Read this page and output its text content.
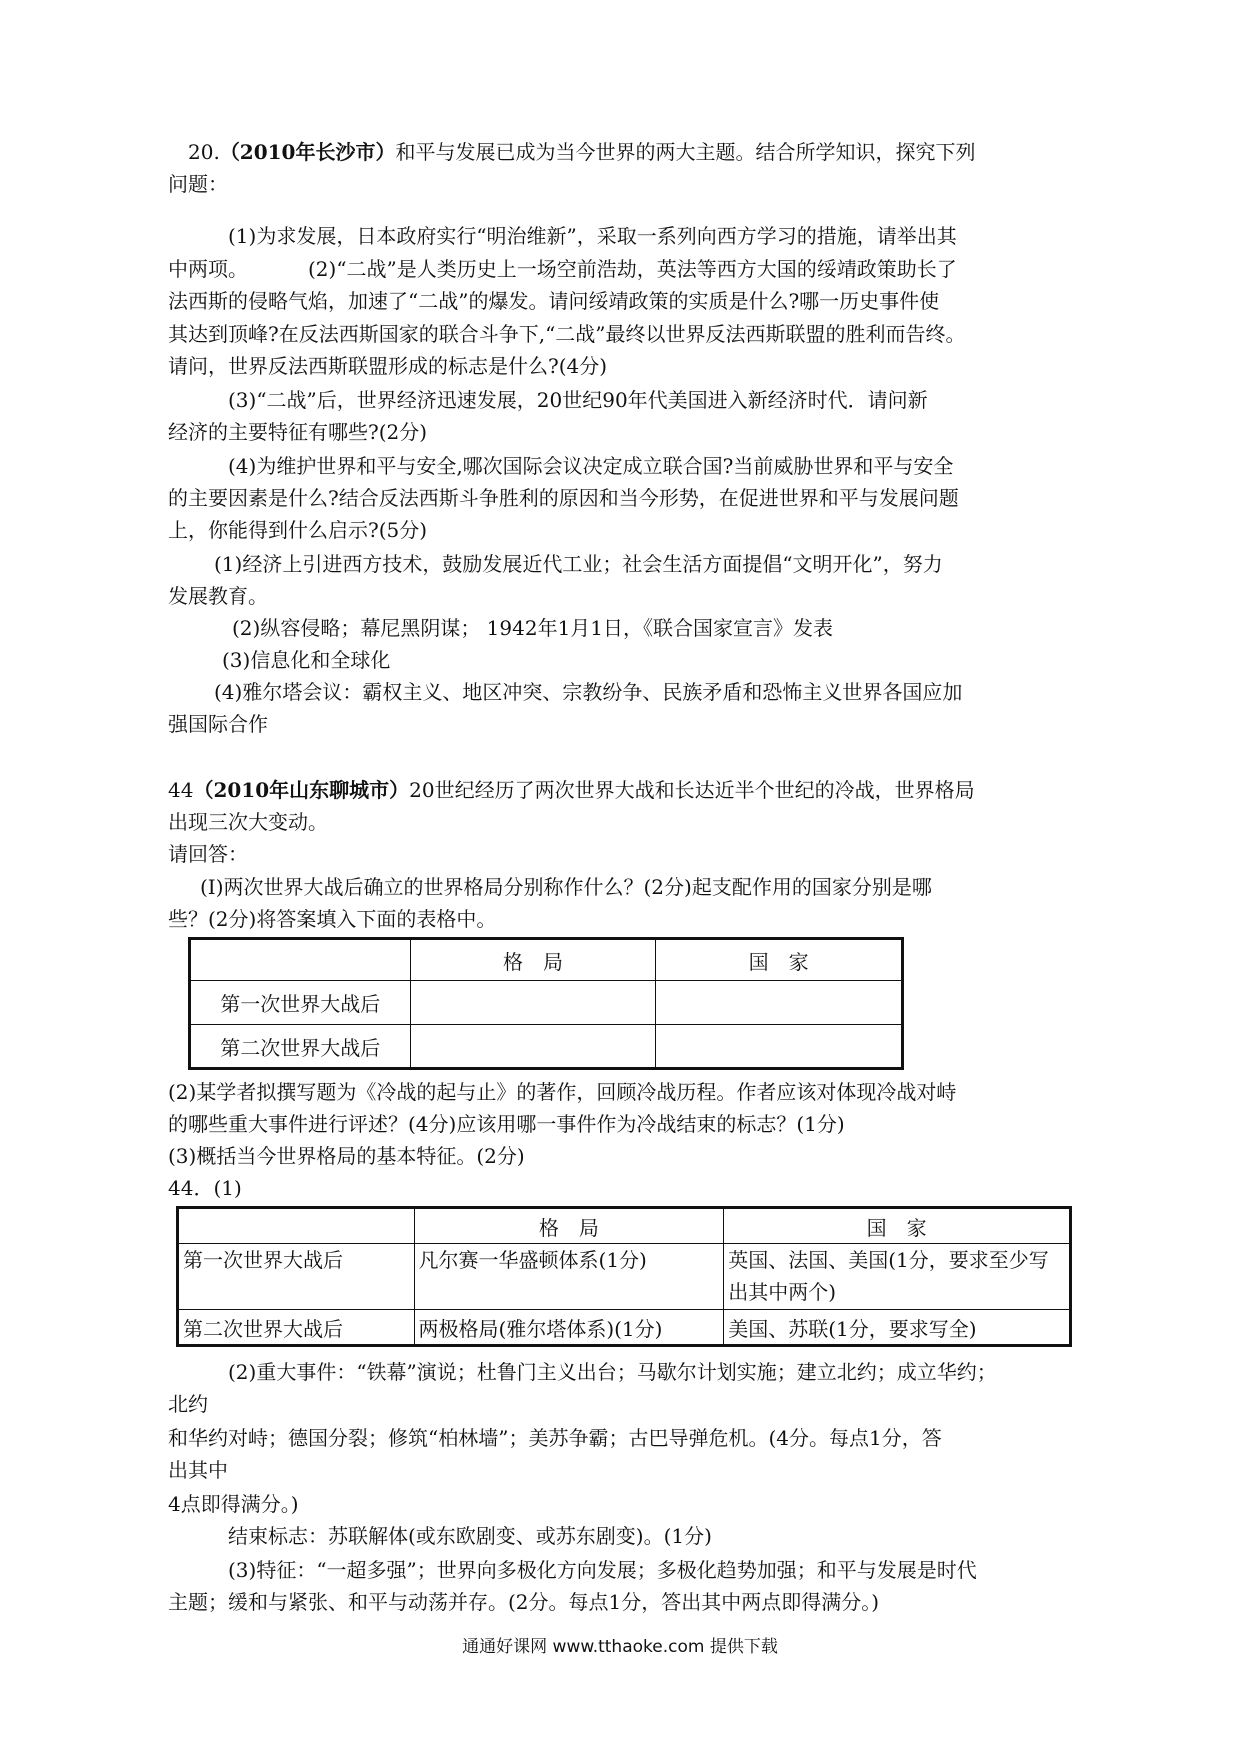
20.（2010年长沙市）和平与发展已成为当今世界的两大主题。结合所学知识，探究下列
问题：
(1)为求发展，日本政府实行“明治维新”，采取一系列向西方学习的措施，请举出其
中两项。	(2)“二战”是人类历史上一场空前浩劫，英法等西方大国的绥靖政策助长了
法西斯的侵略气焰，加速了“二战”的爆发。请问绥靖政策的实质是什么?哪一历史事件使
其达到顶峰?在反法西斯国家的联合斗争下,“二战”最终以世界反法西斯联盟的胜利而告终。
请问，世界反法西斯联盟形成的标志是什么?(4分)
(3)“二战”后，世界经济迅速发展，20世纪90年代美国进入新经济时代．请问新
经济的主要特征有哪些?(2分)
(4)为维护世界和平与安全,哪次国际会议决定成立联合国?当前威胁世界和平与安全
的主要因素是什么?结合反法西斯斗争胜利的原因和当今形势，在促进世界和平与发展问题
上，你能得到什么启示?(5分)
(1)经济上引进西方技术，鼓励发展近代工业；社会生活方面提倡“文明开化”，努力
发展教育。
(2)纵容侵略；幕尼黑阴谋； 1942年1月1日，《联合国家宣言》发表
(3)信息化和全球化
(4)雅尔塔会议：霸权主义、地区冲突、宗教纷争、民族矛盾和恐怖主义世界各国应加
强国际合作
44（2010年山东聊城市）20世纪经历了两次世界大战和长达近半个世纪的冷战，世界格局
出现三次大变动。
请回答：
(I)两次世界大战后确立的世界格局分别称作什么？(2分)起支配作用的国家分别是哪
些？(2分)将答案填入下面的表格中。
	格　局	国　家
第一次世界大战后		
第二次世界大战后		
(2)某学者拟撰写题为《冷战的起与止》的著作，回顾冷战历程。作者应该对体现冷战对峙
的哪些重大事件进行评述？(4分)应该用哪一事件作为冷战结束的标志？(1分)
(3)概括当今世界格局的基本特征。(2分)
44．(1)
	格　局	国　家
第一次世界大战后	凡尔赛一华盛顿体系(1分)	英国、法国、美国(1分，要求至少写出其中两个)
第二次世界大战后	两极格局(雅尔塔体系)(1分)	美国、苏联(1分，要求写全)
(2)重大事件：“铁幕”演说；杜鲁门主义出台；马歇尔计划实施；建立北约；成立华约；
北约
和华约对峙；德国分裂；修筑“柏林墙”；美苏争霸；古巴导弹危机。(4分。每点1分，答
出其中
4点即得满分。)
结束标志：苏联解体(或东欧剧变、或苏东剧变)。(1分)
(3)特征：“一超多强”；世界向多极化方向发展；多极化趋势加强；和平与发展是时代
主题；缓和与紧张、和平与动荡并存。(2分。每点1分，答出其中两点即得满分。)
通通好课网 www.tthaoke.com 提供下载
